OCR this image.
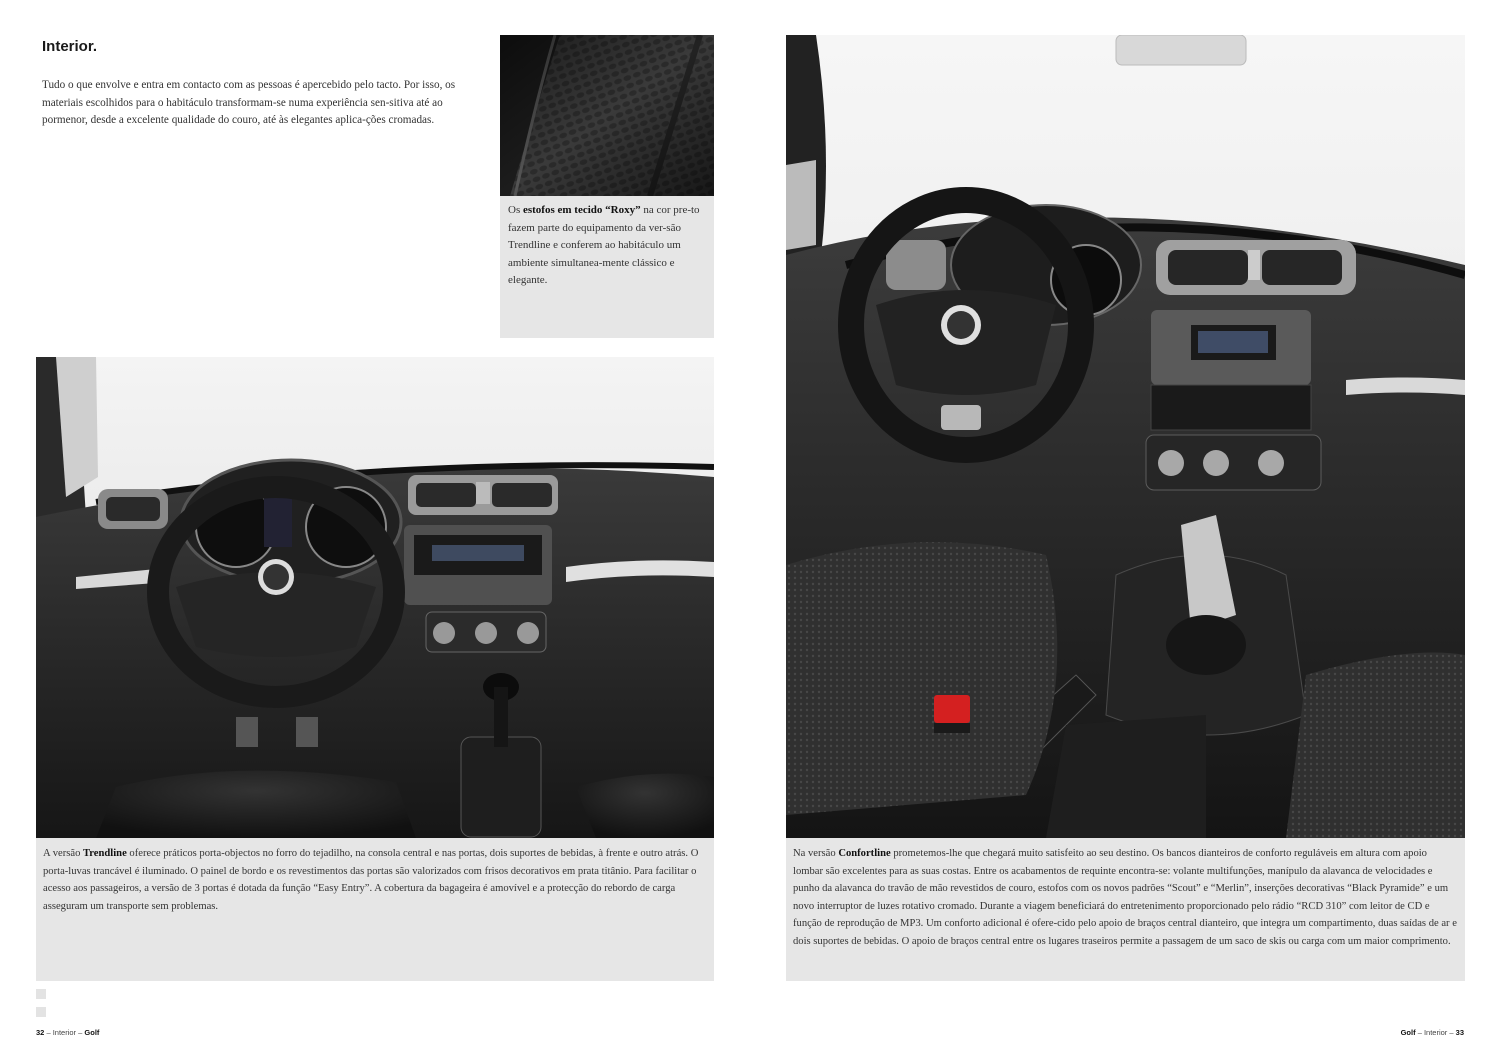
Interior.
Tudo o que envolve e entra em contacto com as pessoas é apercebido pelo tacto. Por isso, os materiais escolhidos para o habitáculo transformam-se numa experiência sen-sitiva até ao pormenor, desde a excelente qualidade do couro, até às elegantes aplica-ções cromadas.
Os estofos em tecido “Roxy” na cor pre-to fazem parte do equipamento da ver-são Trendline e conferem ao habitáculo um ambiente simultanea-mente clássico e elegante.
A versão Trendline oferece práticos porta-objectos no forro do tejadilho, na consola central e nas portas, dois suportes de bebidas, à frente e outro atrás. O porta-luvas trancável é iluminado. O painel de bordo e os revestimentos das portas são valorizados com frisos decorativos em prata titânio. Para facilitar o acesso aos passageiros, a versão de 3 portas é dotada da função “Easy Entry”. A cobertura da bagageira é amovível e a protecção do rebordo de carga asseguram um transporte sem problemas.
32 – Interior – Golf
Na versão Confortline prometemos-lhe que chegará muito satisfeito ao seu destino. Os bancos dianteiros de conforto reguláveis em altura com apoio lombar são excelentes para as suas costas. Entre os acabamentos de requinte encontra-se: volante multifunções, manípulo da alavanca de velocidades e punho da alavanca do travão de mão revestidos de couro, estofos com os novos padrões “Scout” e “Merlin”, inserções decorativas “Black Pyramide” e um novo interruptor de luzes rotativo cromado. Durante a viagem beneficiará do entretenimento proporcionado pelo rádio “RCD 310” com leitor de CD e função de reprodução de MP3. Um conforto adicional é ofere-cido pelo apoio de braços central dianteiro, que integra um compartimento, duas saídas de ar e dois suportes de bebidas. O apoio de braços central entre os lugares traseiros permite a passagem de um saco de skis ou carga com um maior comprimento.
Golf – Interior – 33
